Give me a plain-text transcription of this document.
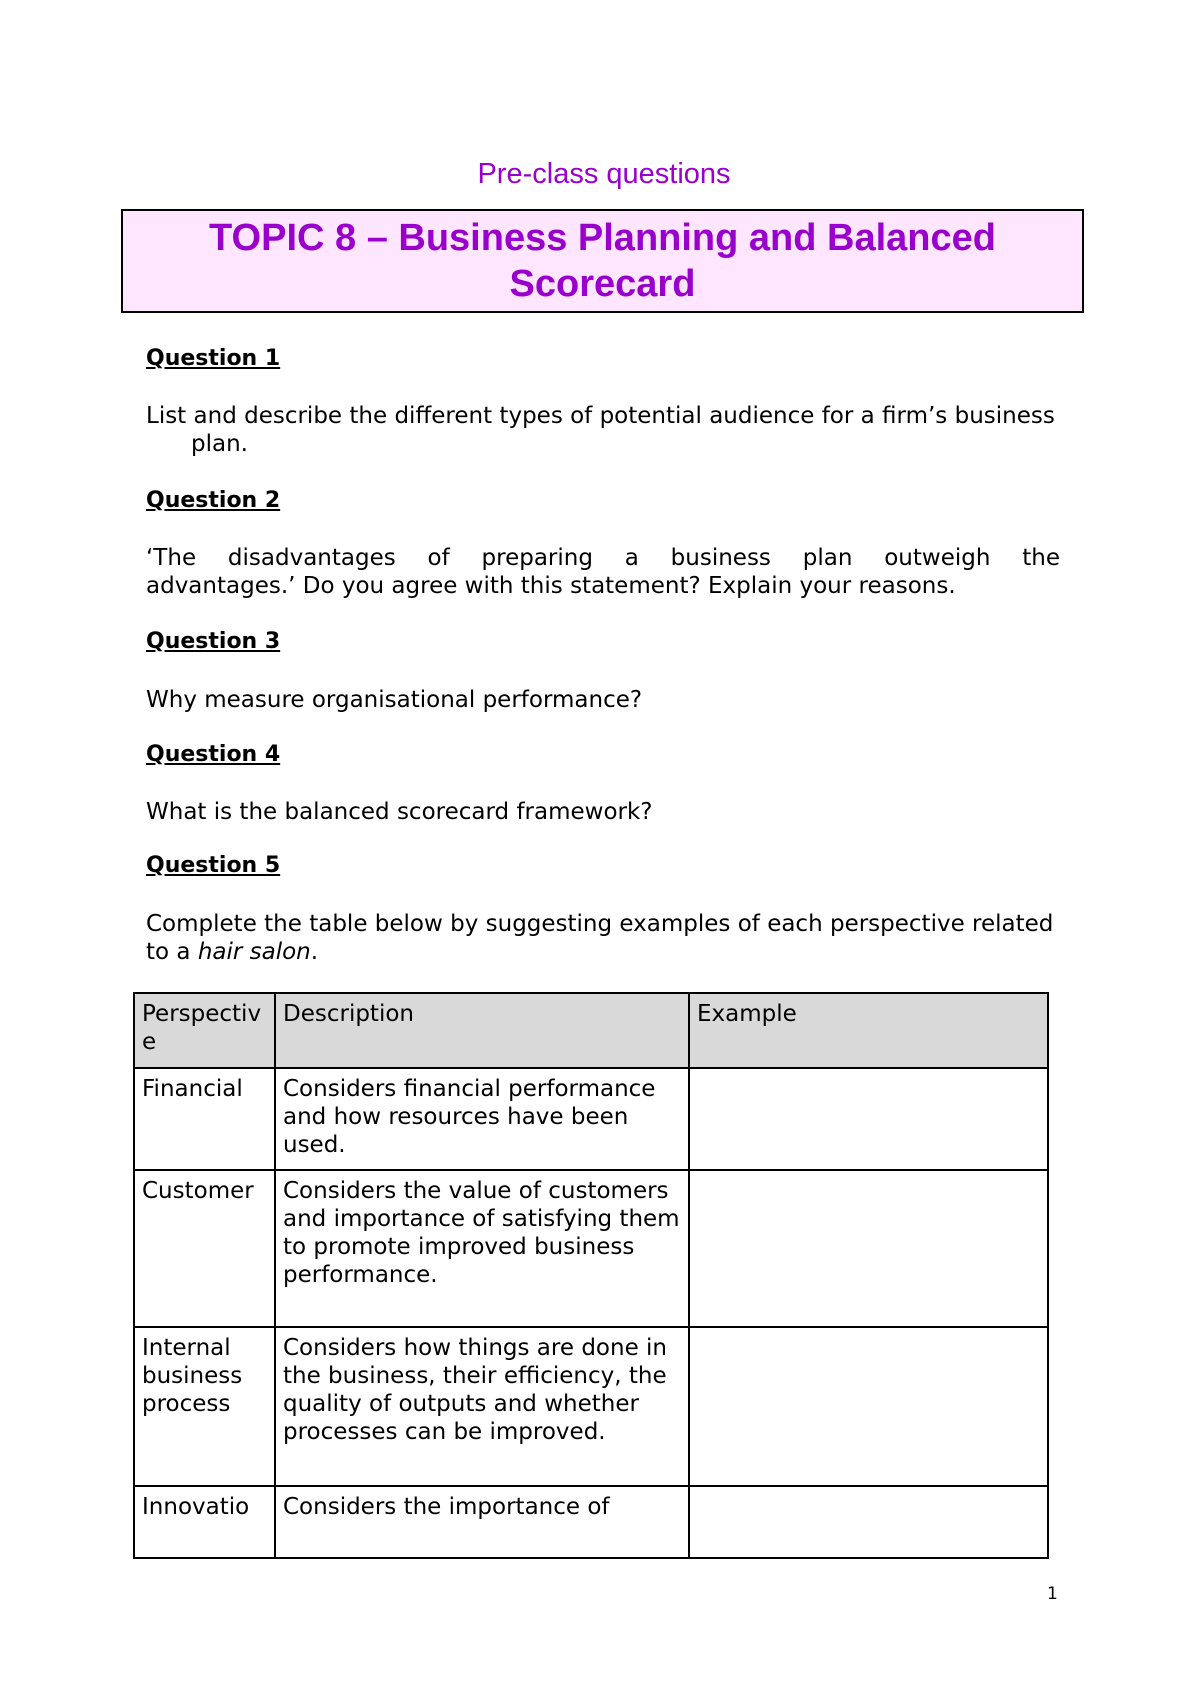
Pre-class questions
TOPIC 8 – Business Planning and Balanced Scorecard
Question 1
List and describe the different types of potential audience for a firm’s business plan.
Question 2
‘The disadvantages of preparing a business plan outweigh the
advantages.’ Do you agree with this statement? Explain your reasons.
Question 3
Why measure organisational performance?
Question 4
What is the balanced scorecard framework?
Question 5
Complete the table below by suggesting examples of each perspective related to a hair salon.
Perspective	Description	Example
Financial	Considers financial performance and how resources have been used.	
Customer	Considers the value of customers and importance of satisfying them to promote improved business performance.	
Internal business process	Considers how things are done in the business, their efficiency, the quality of outputs and whether processes can be improved.	
Innovatio	Considers the importance of	
1
